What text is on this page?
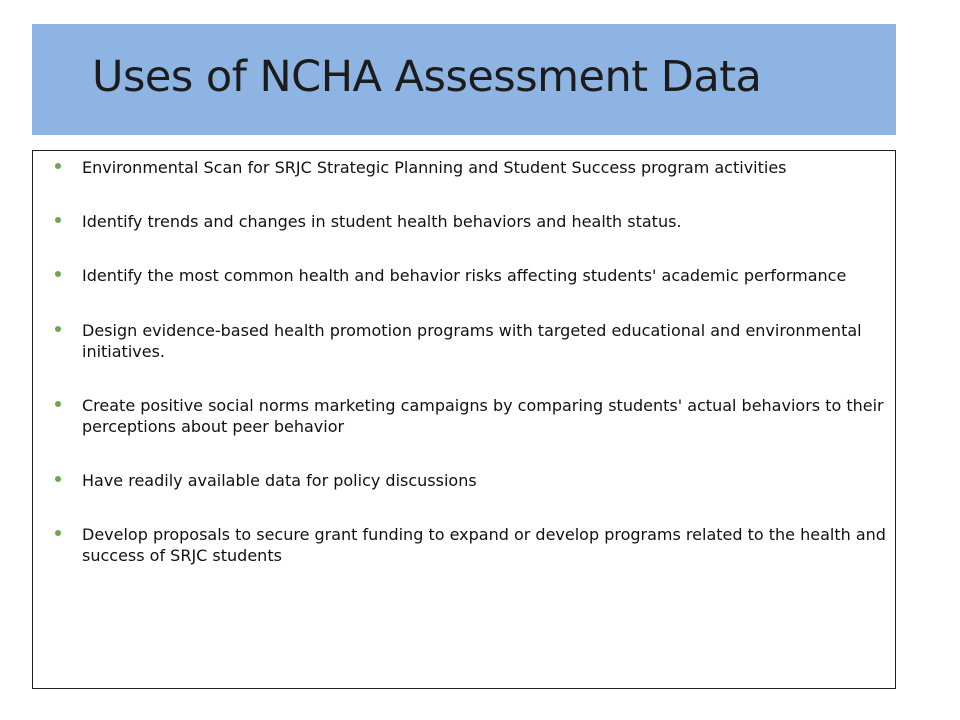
Uses of NCHA Assessment Data
Environmental Scan for SRJC Strategic Planning and Student Success program activities
Identify trends and changes in student health behaviors and health status.
Identify the most common health and behavior risks affecting students' academic performance
Design evidence-based health promotion programs with targeted educational and environmental initiatives.
Create positive social norms marketing campaigns by comparing students' actual behaviors to their perceptions about peer behavior
Have readily available data for policy discussions
Develop proposals to secure grant funding to expand or develop programs related to the health and success of SRJC students
